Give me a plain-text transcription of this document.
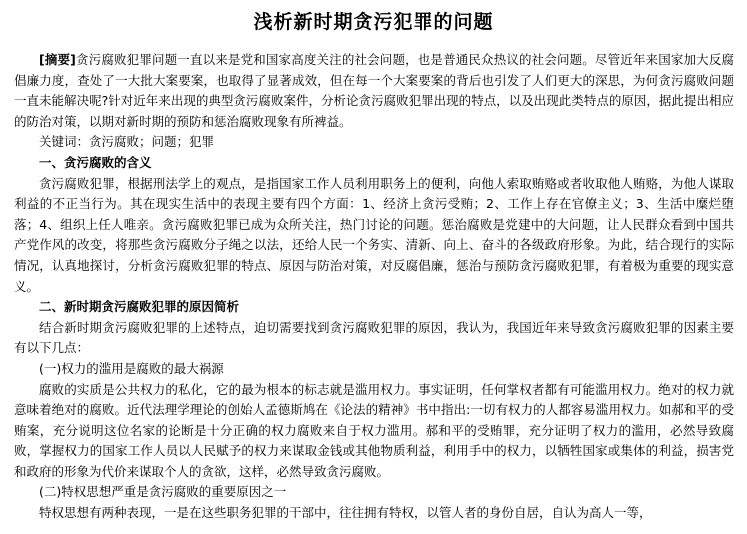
浅析新时期贪污犯罪的问题

[摘要]贪污腐败犯罪问题一直以来是党和国家高度关注的社会问题，也是普通民众热议的社会问题。尽管近年来国家加大反腐倡廉力度，查处了一大批大案要案，也取得了显著成效，但在每一个大案要案的背后也引发了人们更大的深思，为何贪污腐败问题一直未能解决呢?针对近年来出现的典型贪污腐败案件，分析论贪污腐败犯罪出现的特点，以及出现此类特点的原因，据此提出相应的防治对策，以期对新时期的预防和惩治腐败现象有所裨益。

关键词：贪污腐败；问题；犯罪

一、贪污腐败的含义

贪污腐败犯罪，根据刑法学上的观点，是指国家工作人员利用职务上的便利，向他人索取贿赂或者收取他人贿赂，为他人谋取利益的不正当行为。其在现实生活中的表现主要有四个方面：1、经济上贪污受贿；2、工作上存在官僚主义；3、生活中糜烂堕落；4、组织上任人唯亲。贪污腐败犯罪已成为众所关注，热门讨论的问题。惩治腐败是党建中的大问题，让人民群众看到中国共产党作风的改变，将那些贪污腐败分子绳之以法，还给人民一个务实、清新、向上、奋斗的各级政府形象。为此，结合现行的实际情况，认真地探讨，分析贪污腐败犯罪的特点、原因与防治对策，对反腐倡廉，惩治与预防贪污腐败犯罪，有着极为重要的现实意义。

二、新时期贪污腐败犯罪的原因简析

结合新时期贪污腐败犯罪的上述特点，迫切需要找到贪污腐败犯罪的原因，我认为，我国近年来导致贪污腐败犯罪的因素主要有以下几点：

(一)权力的滥用是腐败的最大祸源

腐败的实质是公共权力的私化，它的最为根本的标志就是滥用权力。事实证明，任何掌权者都有可能滥用权力。绝对的权力就意味着绝对的腐败。近代法理学理论的创始人孟德斯鸠在《论法的精神》书中指出:一切有权力的人都容易滥用权力。如郝和平的受贿案，充分说明这位名家的论断是十分正确的权力腐败来自于权力滥用。郝和平的受贿罪，充分证明了权力的滥用，必然导致腐败，掌握权力的国家工作人员以人民赋予的权力来谋取金钱或其他物质利益，利用手中的权力，以牺牲国家或集体的利益，损害党和政府的形象为代价来谋取个人的贪欲，这样，必然导致贪污腐败。

(二)特权思想严重是贪污腐败的重要原因之一

特权思想有两种表现，一是在这些职务犯罪的干部中，往往拥有特权，以管人者的身份自居，自认为高人一等，
